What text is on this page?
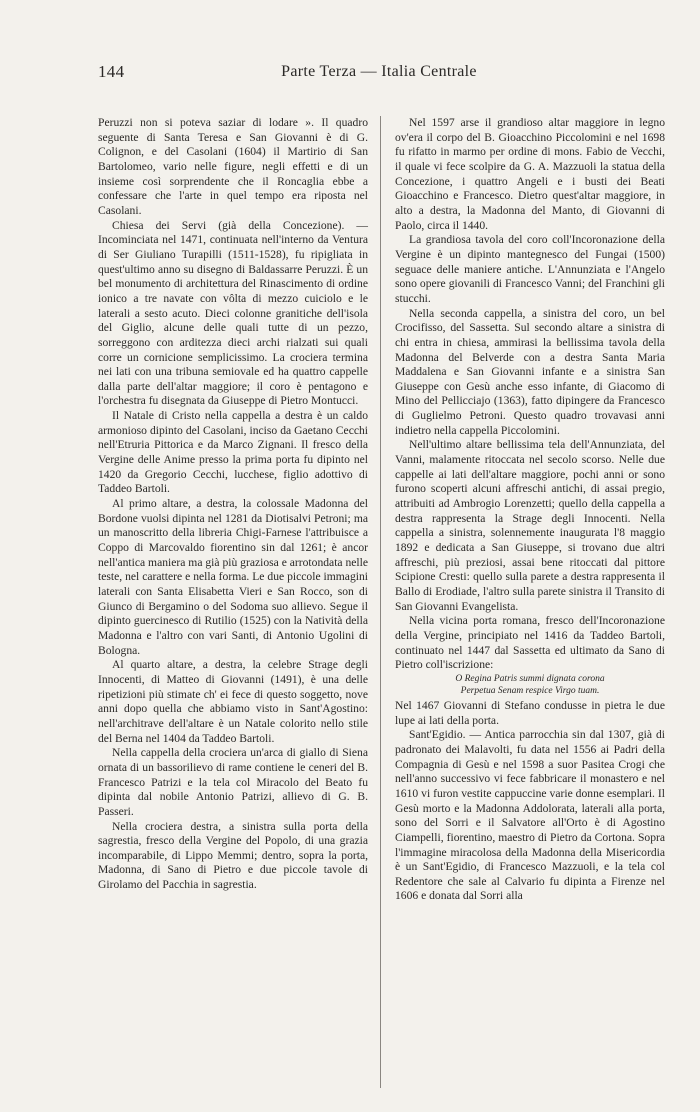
144	Parte Terza — Italia Centrale

Peruzzi non si poteva saziar di lodare ». Il quadro seguente di Santa Teresa e San Giovanni è di G. Colignon, e del Casolani (1604) il Martirio di San Bartolomeo, vario nelle figure, negli effetti e di un insieme così sorprendente che il Roncaglia ebbe a confessare che l'arte in quel tempo era riposta nel Casolani.

Chiesa dei Servi (già della Concezione). — Incominciata nel 1471, continuata nell'interno da Ventura di Ser Giuliano Turapilli (1511-1528), fu ripigliata in quest'ultimo anno su disegno di Baldassarre Peruzzi. È un bel monumento di architettura del Rinascimento di ordine ionico a tre navate con vôlta di mezzo cuiciolo e le laterali a sesto acuto. Dieci colonne granitiche dell'isola del Giglio, alcune delle quali tutte di un pezzo, sorreggono con arditezza dieci archi rialzati sui quali corre un cornicione semplicissimo. La crociera termina nei lati con una tribuna semiovale ed ha quattro cappelle dalla parte dell'altar maggiore; il coro è pentagono e l'orchestra fu disegnata da Giuseppe di Pietro Montucci.

Il Natale di Cristo nella cappella a destra è un caldo armonioso dipinto del Casolani, inciso da Gaetano Cecchi nell'Etruria Pittorica e da Marco Zignani. Il fresco della Vergine delle Anime presso la prima porta fu dipinto nel 1420 da Gregorio Cecchi, lucchese, figlio adottivo di Taddeo Bartoli.

Al primo altare, a destra, la colossale Madonna del Bordone vuolsi dipinta nel 1281 da Diotisalvi Petroni; ma un manoscritto della libreria Chigi-Farnese l'attribuisce a Coppo di Marcovaldo fiorentino sin dal 1261; è ancor nell'antica maniera ma già più graziosa e arrotondata nelle teste, nel carattere e nella forma. Le due piccole immagini laterali con Santa Elisabetta Vieri e San Rocco, son di Giunco di Bergamino o del Sodoma suo allievo. Segue il dipinto guercinesco di Rutilio (1525) con la Natività della Madonna e l'altro con vari Santi, di Antonio Ugolini di Bologna.

Al quarto altare, a destra, la celebre Strage degli Innocenti, di Matteo di Giovanni (1491), è una delle ripetizioni più stimate ch' ei fece di questo soggetto, nove anni dopo quella che abbiamo visto in Sant'Agostino: nell'architrave dell'altare è un Natale colorito nello stile del Berna nel 1404 da Taddeo Bartoli.

Nella cappella della crociera un'arca di giallo di Siena ornata di un bassorilievo di rame contiene le ceneri del B. Francesco Patrizi e la tela col Miracolo del Beato fu dipinta dal nobile Antonio Patrizi, allievo di G. B. Passeri.

Nella crociera destra, a sinistra sulla porta della sagrestia, fresco della Vergine del Popolo, di una grazia incomparabile, di Lippo Memmi; dentro, sopra la porta, Madonna, di Sano di Pietro e due piccole tavole di Girolamo del Pacchia in sagrestia.

Nel 1597 arse il grandioso altar maggiore in legno ov'era il corpo del B. Gioacchino Piccolomini e nel 1698 fu rifatto in marmo per ordine di mons. Fabio de Vecchi, il quale vi fece scolpire da G. A. Mazzuoli la statua della Concezione, i quattro Angeli e i busti dei Beati Gioacchino e Francesco. Dietro quest'altar maggiore, in alto a destra, la Madonna del Manto, di Giovanni di Paolo, circa il 1440.

La grandiosa tavola del coro coll'Incoronazione della Vergine è un dipinto mantegnesco del Fungai (1500) seguace delle maniere antiche. L'Annunziata e l'Angelo sono opere giovanili di Francesco Vanni; del Franchini gli stucchi.

Nella seconda cappella, a sinistra del coro, un bel Crocifisso, del Sassetta. Sul secondo altare a sinistra di chi entra in chiesa, ammirasi la bellissima tavola della Madonna del Belverde con a destra Santa Maria Maddalena e San Giovanni infante e a sinistra San Giuseppe con Gesù anche esso infante, di Giacomo di Mino del Pellicciajo (1363), fatto dipingere da Francesco di Guglielmo Petroni. Questo quadro trovavasi anni indietro nella cappella Piccolomini.

Nell'ultimo altare bellissima tela dell'Annunziata, del Vanni, malamente ritoccata nel secolo scorso. Nelle due cappelle ai lati dell'altare maggiore, pochi anni or sono furono scoperti alcuni affreschi antichi, di assai pregio, attribuiti ad Ambrogio Lorenzetti; quello della cappella a destra rappresenta la Strage degli Innocenti. Nella cappella a sinistra, solennemente inaugurata l'8 maggio 1892 e dedicata a San Giuseppe, si trovano due altri affreschi, più preziosi, assai bene ritoccati dal pittore Scipione Cresti: quello sulla parete a destra rappresenta il Ballo di Erodiade, l'altro sulla parete sinistra il Transito di San Giovanni Evangelista.

Nella vicina porta romana, fresco dell'Incoronazione della Vergine, principiato nel 1416 da Taddeo Bartoli, continuato nel 1447 dal Sassetta ed ultimato da Sano di Pietro coll'iscrizione:

O Regina Patris summi dignata corona
Perpetua Senam respice Virgo tuam.

Nel 1467 Giovanni di Stefano condusse in pietra le due lupe ai lati della porta.

Sant'Egidio. — Antica parrocchia sin dal 1307, già di padronato dei Malavolti, fu data nel 1556 ai Padri della Compagnia di Gesù e nel 1598 a suor Pasitea Crogi che nell'anno successivo vi fece fabbricare il monastero e nel 1610 vi furon vestite cappuccine varie donne esemplari. Il Gesù morto e la Madonna Addolorata, laterali alla porta, sono del Sorri e il Salvatore all'Orto è di Agostino Ciampelli, fiorentino, maestro di Pietro da Cortona. Sopra l'immagine miracolosa della Madonna della Misericordia è un Sant'Egidio, di Francesco Mazzuoli, e la tela col Redentore che sale al Calvario fu dipinta a Firenze nel 1606 e donata dal Sorri alla
